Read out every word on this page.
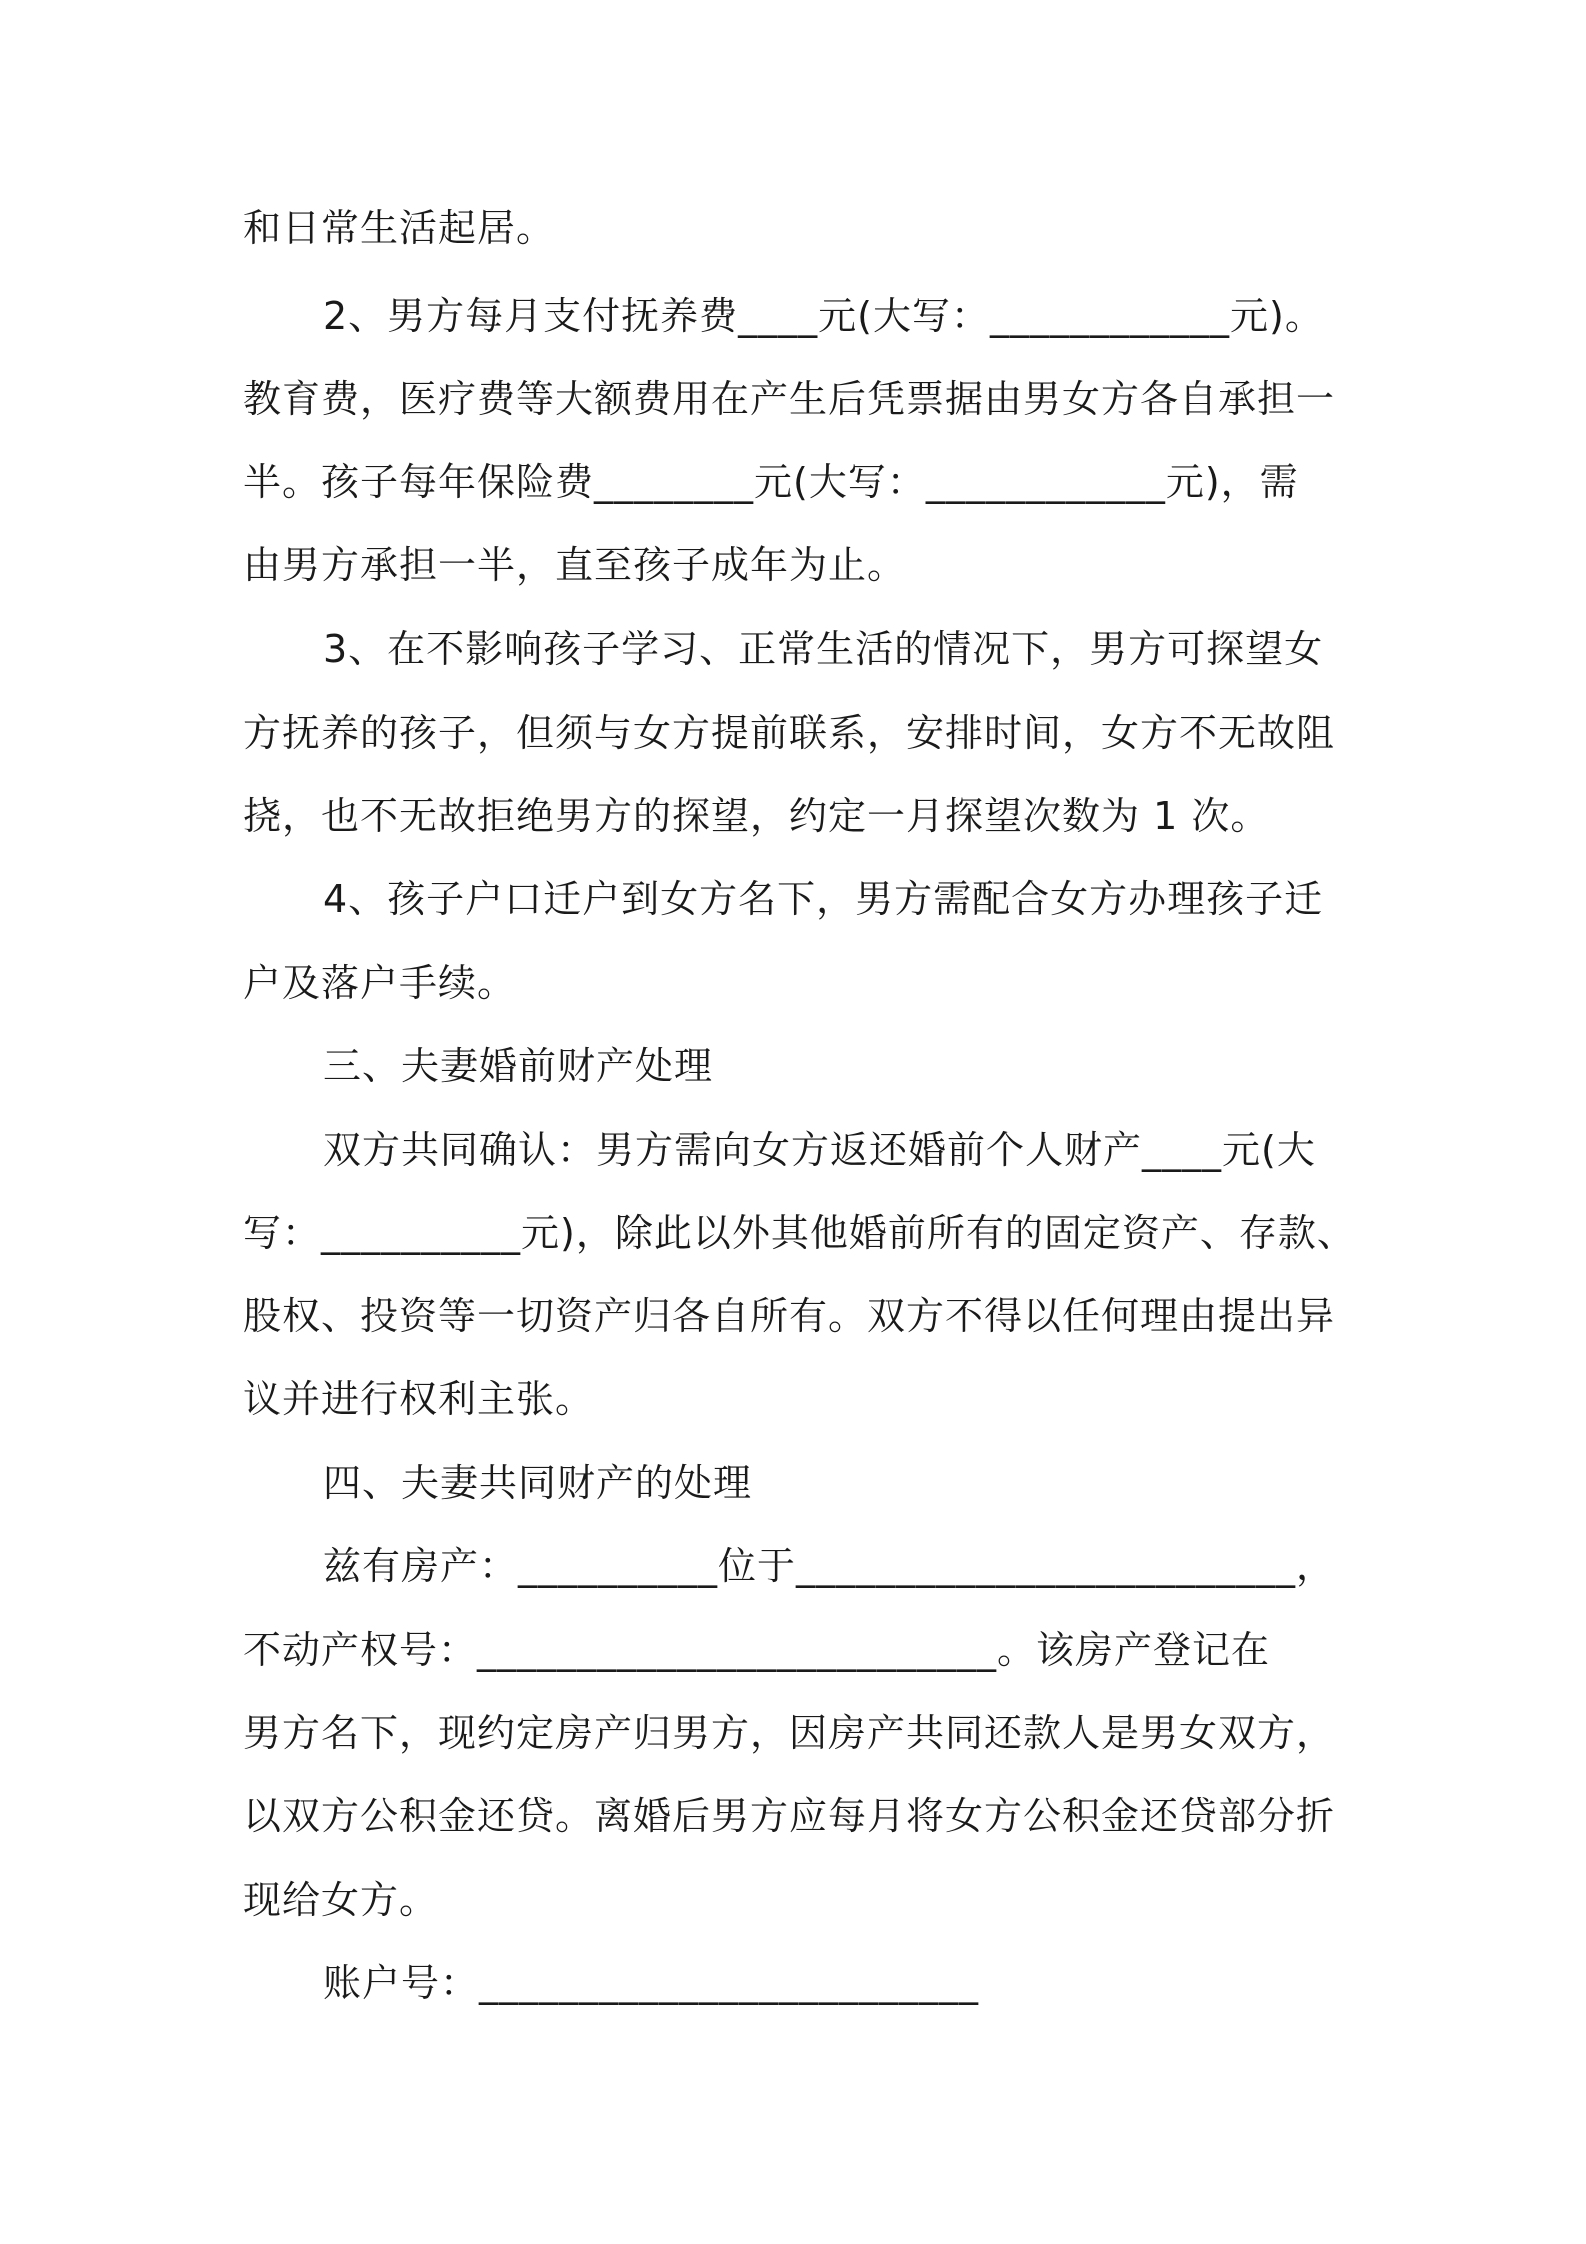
和日常生活起居。
2、男方每月支付抚养费____元(大写：____________元)。
教育费，医疗费等大额费用在产生后凭票据由男女方各自承担一
半。孩子每年保险费________元(大写：____________元)，需
由男方承担一半，直至孩子成年为止。
3、在不影响孩子学习、正常生活的情况下，男方可探望女
方抚养的孩子，但须与女方提前联系，安排时间，女方不无故阻
挠，也不无故拒绝男方的探望，约定一月探望次数为 1 次。
4、孩子户口迁户到女方名下，男方需配合女方办理孩子迁
户及落户手续。
三、夫妻婚前财产处理
双方共同确认：男方需向女方返还婚前个人财产____元(大
写：__________元)，除此以外其他婚前所有的固定资产、存款、
股权、投资等一切资产归各自所有。双方不得以任何理由提出异
议并进行权利主张。
四、夫妻共同财产的处理
兹有房产：__________位于_________________________，
不动产权号：__________________________。该房产登记在
男方名下，现约定房产归男方，因房产共同还款人是男女双方，
以双方公积金还贷。离婚后男方应每月将女方公积金还贷部分折
现给女方。
账户号：_________________________
